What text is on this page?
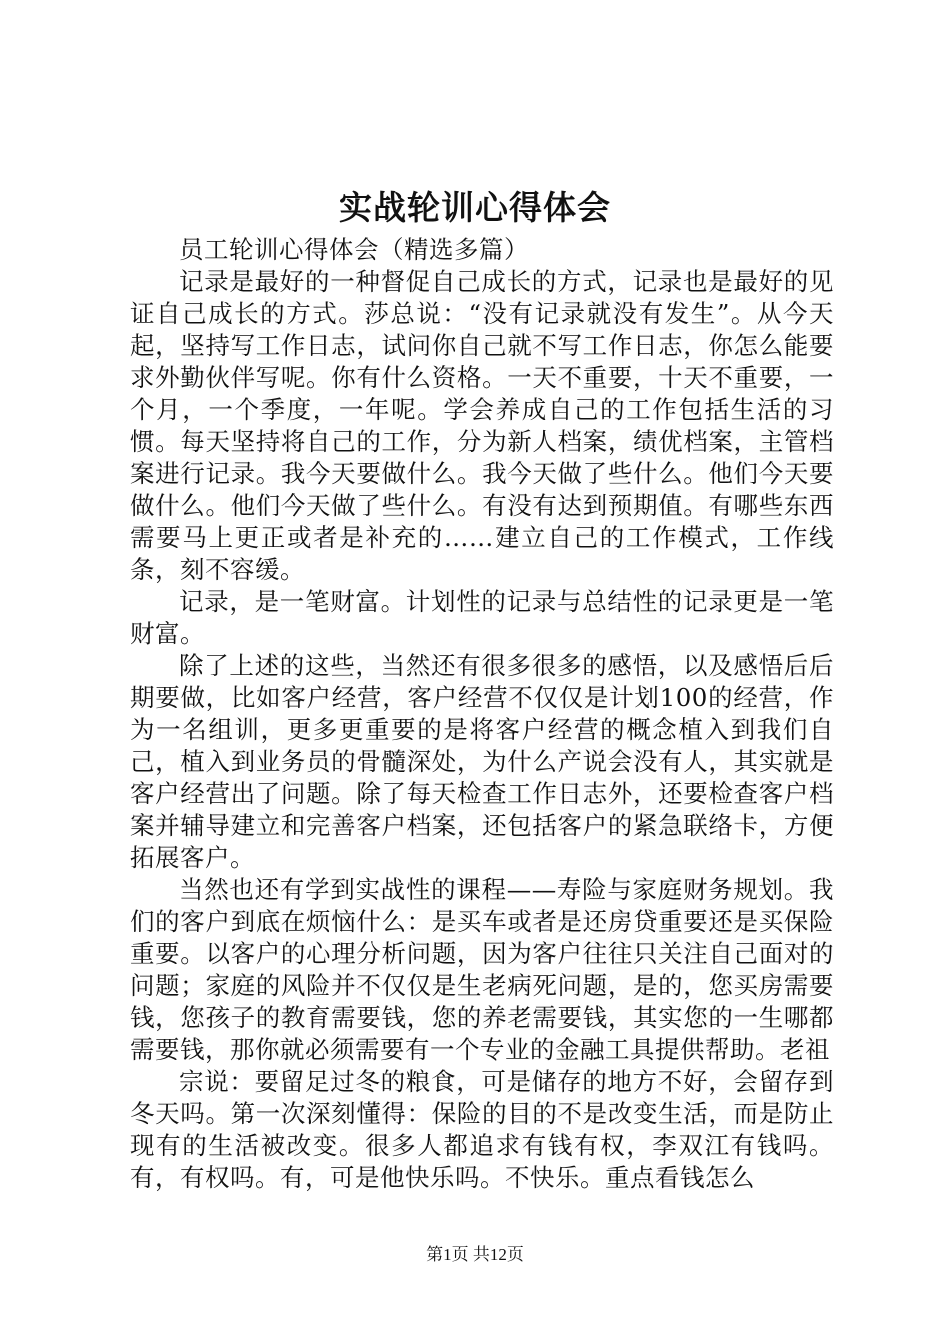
实战轮训心得体会

员工轮训心得体会（精选多篇）

记录是最好的一种督促自己成长的方式，记录也是最好的见证自己成长的方式。莎总说：“没有记录就没有发生”。从今天起，坚持写工作日志，试问你自己就不写工作日志，你怎么能要求外勤伙伴写呢。你有什么资格。一天不重要，十天不重要，一个月，一个季度，一年呢。学会养成自己的工作包括生活的习惯。每天坚持将自己的工作，分为新人档案，绩优档案，主管档案进行记录。我今天要做什么。我今天做了些什么。他们今天要做什么。他们今天做了些什么。有没有达到预期值。有哪些东西需要马上更正或者是补充的……建立自己的工作模式，工作线条，刻不容缓。

记录，是一笔财富。计划性的记录与总结性的记录更是一笔财富。

除了上述的这些，当然还有很多很多的感悟，以及感悟后后期要做，比如客户经营，客户经营不仅仅是计划100的经营，作为一名组训，更多更重要的是将客户经营的概念植入到我们自己，植入到业务员的骨髓深处，为什么产说会没有人，其实就是客户经营出了问题。除了每天检查工作日志外，还要检查客户档案并辅导建立和完善客户档案，还包括客户的紧急联络卡，方便拓展客户。

当然也还有学到实战性的课程——寿险与家庭财务规划。我们的客户到底在烦恼什么：是买车或者是还房贷重要还是买保险重要。以客户的心理分析问题，因为客户往往只关注自己面对的问题；家庭的风险并不仅仅是生老病死问题，是的，您买房需要钱，您孩子的教育需要钱，您的养老需要钱，其实您的一生哪都需要钱，那你就必须需要有一个专业的金融工具提供帮助。老祖

宗说：要留足过冬的粮食，可是储存的地方不好，会留存到冬天吗。第一次深刻懂得：保险的目的不是改变生活，而是防止现有的生活被改变。很多人都追求有钱有权，李双江有钱吗。有，有权吗。有，可是他快乐吗。不快乐。重点看钱怎么

第1页 共12页
